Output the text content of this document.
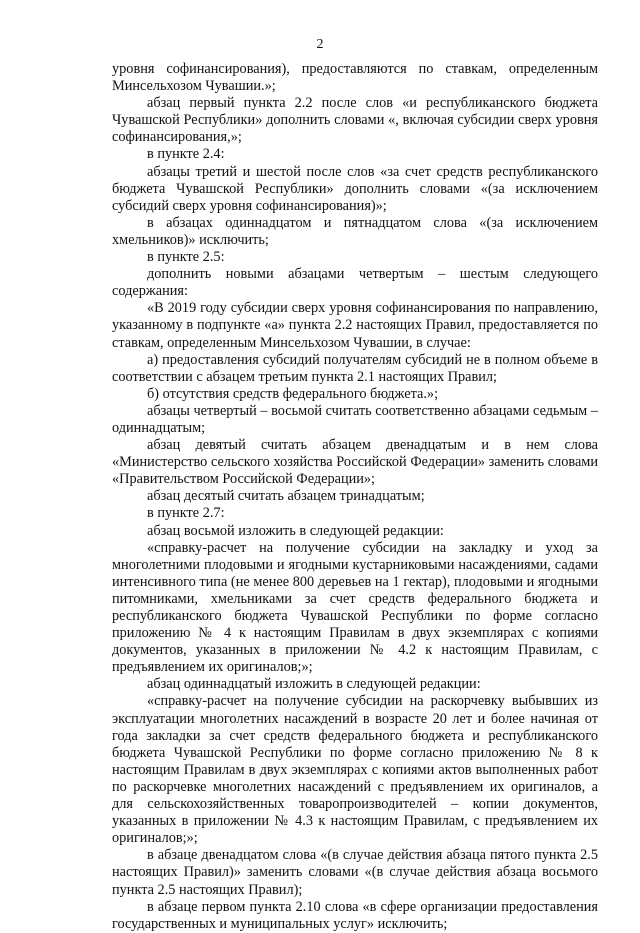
2

уровня софинансирования), предоставляются по ставкам, определенным Минсельхозом Чувашии.»;

абзац первый пункта 2.2 после слов «и республиканского бюджета Чувашской Республики» дополнить словами «, включая субсидии сверх уровня софинансирования,»;

в пункте 2.4:

абзацы третий и шестой после слов «за счет средств республиканского бюджета Чувашской Республики» дополнить словами «(за исключением субсидий сверх уровня софинансирования)»;

в абзацах одиннадцатом и пятнадцатом слова «(за исключением хмельников)» исключить;

в пункте 2.5:

дополнить новыми абзацами четвертым – шестым следующего содержания:

«В 2019 году субсидии сверх уровня софинансирования по направлению, указанному в подпункте «а» пункта 2.2 настоящих Правил, предоставляется по ставкам, определенным Минсельхозом Чувашии, в случае:

а) предоставления субсидий получателям субсидий не в полном объеме в соответствии с абзацем третьим пункта 2.1 настоящих Правил;

б) отсутствия средств федерального бюджета.»;

абзацы четвертый – восьмой считать соответственно абзацами седьмым – одиннадцатым;

абзац девятый считать абзацем двенадцатым и в нем слова «Министерство сельского хозяйства Российской Федерации» заменить словами «Правительством Российской Федерации»;

абзац десятый считать абзацем тринадцатым;

в пункте 2.7:

абзац восьмой изложить в следующей редакции:

«справку-расчет на получение субсидии на закладку и уход за многолетними плодовыми и ягодными кустарниковыми насаждениями, садами интенсивного типа (не менее 800 деревьев на 1 гектар), плодовыми и ягодными питомниками, хмельниками за счет средств федерального бюджета и республиканского бюджета Чувашской Республики по форме согласно приложению № 4 к настоящим Правилам в двух экземплярах с копиями документов, указанных в приложении № 4.2 к настоящим Правилам, с предъявлением их оригиналов;»;

абзац одиннадцатый изложить в следующей редакции:

«справку-расчет на получение субсидии на раскорчевку выбывших из эксплуатации многолетних насаждений в возрасте 20 лет и более начиная от года закладки за счет средств федерального бюджета и республиканского бюджета Чувашской Республики по форме согласно приложению № 8 к настоящим Правилам в двух экземплярах с копиями актов выполненных работ по раскорчевке многолетних насаждений с предъявлением их оригиналов, а для сельскохозяйственных товаропроизводителей – копии документов, указанных в приложении № 4.3 к настоящим Правилам, с предъявлением их оригиналов;»;

в абзаце двенадцатом слова «(в случае действия абзаца пятого пункта 2.5 настоящих Правил)» заменить словами «(в случае действия абзаца восьмого пункта 2.5 настоящих Правил);

в абзаце первом пункта 2.10 слова «в сфере организации предоставления государственных и муниципальных услуг» исключить;
